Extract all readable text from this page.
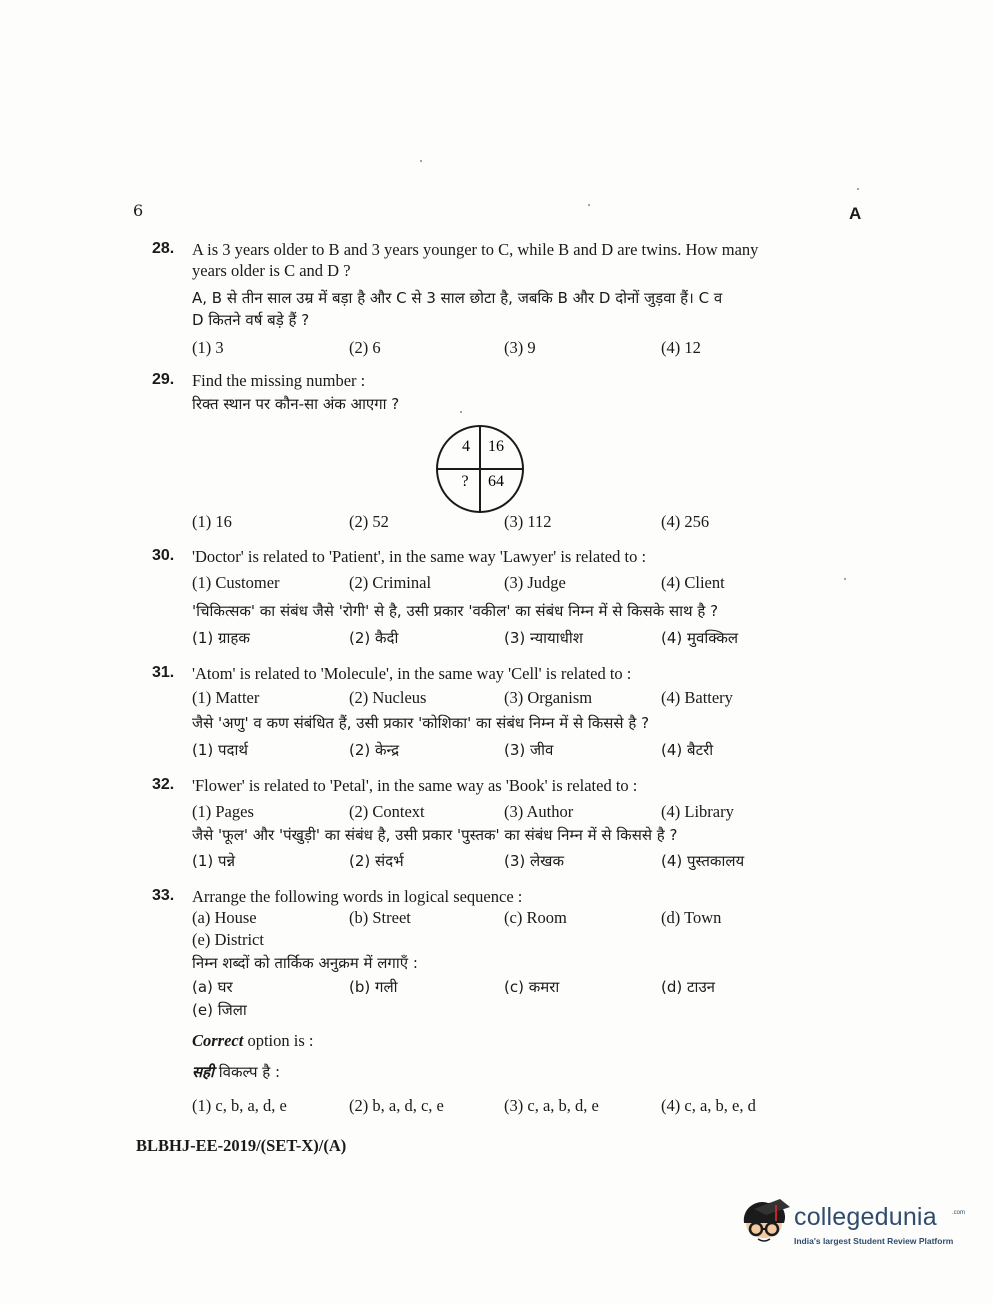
6	A
28. A is 3 years older to B and 3 years younger to C, while B and D are twins. How many
years older is C and D ?
A, B से तीन साल उम्र में बड़ा है और C से 3 साल छोटा है, जबकि B और D दोनों जुड़वा हैं। C व
D कितने वर्ष बड़े हैं ?
(1) 3	(2) 6	(3) 9	(4) 12
29. Find the missing number :
रिक्त स्थान पर कौन-सा अंक आएगा ?
4 16
? 64
(1) 16	(2) 52	(3) 112	(4) 256
30. 'Doctor' is related to 'Patient', in the same way 'Lawyer' is related to :
(1) Customer	(2) Criminal	(3) Judge	(4) Client
'चिकित्सक' का संबंध जैसे 'रोगी' से है, उसी प्रकार 'वकील' का संबंध निम्न में से किसके साथ है ?
(1) ग्राहक	(2) कैदी	(3) न्यायाधीश	(4) मुवक्किल
31. 'Atom' is related to 'Molecule', in the same way 'Cell' is related to :
(1) Matter	(2) Nucleus	(3) Organism	(4) Battery
जैसे 'अणु' व कण संबंधित हैं, उसी प्रकार 'कोशिका' का संबंध निम्न में से किससे है ?
(1) पदार्थ	(2) केन्द्र	(3) जीव	(4) बैटरी
32. 'Flower' is related to 'Petal', in the same way as 'Book' is related to :
(1) Pages	(2) Context	(3) Author	(4) Library
जैसे 'फूल' और 'पंखुड़ी' का संबंध है, उसी प्रकार 'पुस्तक' का संबंध निम्न में से किससे है ?
(1) पन्ने	(2) संदर्भ	(3) लेखक	(4) पुस्तकालय
33. Arrange the following words in logical sequence :
(a) House	(b) Street	(c) Room	(d) Town
(e) District
निम्न शब्दों को तार्किक अनुक्रम में लगाएँ :
(a) घर	(b) गली	(c) कमरा	(d) टाउन
(e) जिला
Correct option is :
सही विकल्प है :
(1) c, b, a, d, e	(2) b, a, d, c, e	(3) c, a, b, d, e	(4) c, a, b, e, d
BLBHJ-EE-2019/(SET-X)/(A)
collegedunia	.com
India's largest Student Review Platform
